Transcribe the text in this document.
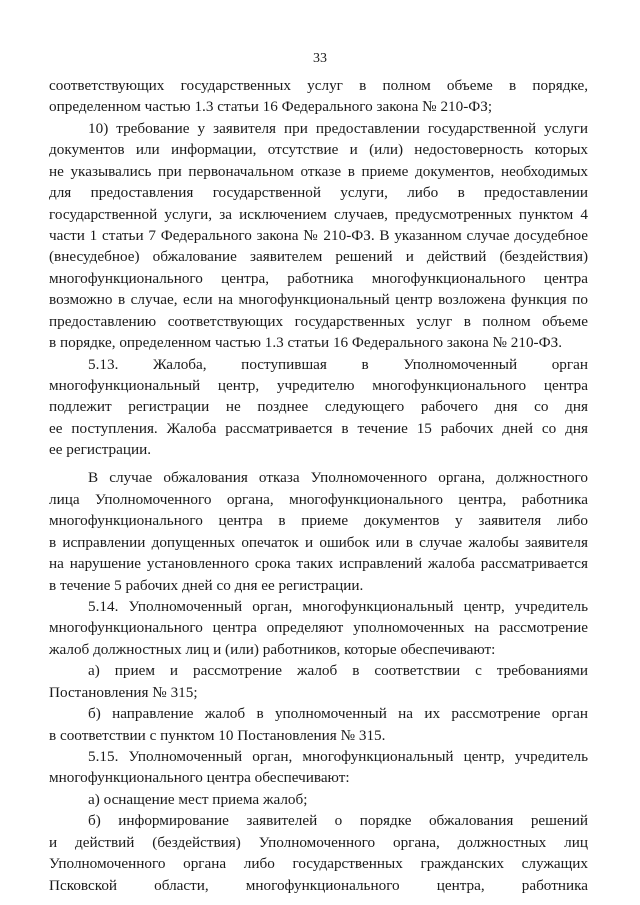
33
соответствующих государственных услуг в полном объеме в порядке,
определенном частью 1.3 статьи 16 Федерального закона № 210-ФЗ;
10) требование у заявителя при предоставлении государственной услуги
документов или информации, отсутствие и (или) недостоверность которых
не указывались при первоначальном отказе в приеме документов, необходимых
для предоставления государственной услуги, либо в предоставлении
государственной услуги, за исключением случаев, предусмотренных пунктом 4
части 1 статьи 7 Федерального закона № 210-ФЗ. В указанном случае досудебное
(внесудебное) обжалование заявителем решений и действий (бездействия)
многофункционального центра, работника многофункционального центра
возможно в случае, если на многофункциональный центр возложена функция по
предоставлению соответствующих государственных услуг в полном объеме
в порядке, определенном частью 1.3 статьи 16 Федерального закона № 210-ФЗ.
5.13. Жалоба, поступившая в Уполномоченный орган
многофункциональный центр, учредителю многофункционального центра
подлежит регистрации не позднее следующего рабочего дня со дня
ее поступления. Жалоба рассматривается в течение 15 рабочих дней со дня
ее регистрации.
В случае обжалования отказа Уполномоченного органа, должностного
лица Уполномоченного органа, многофункционального центра, работника
многофункционального центра в приеме документов у заявителя либо
в исправлении допущенных опечаток и ошибок или в случае жалобы заявителя
на нарушение установленного срока таких исправлений жалоба рассматривается
в течение 5 рабочих дней со дня ее регистрации.
5.14. Уполномоченный орган, многофункциональный центр, учредитель
многофункционального центра определяют уполномоченных на рассмотрение
жалоб должностных лиц и (или) работников, которые обеспечивают:
а) прием и рассмотрение жалоб в соответствии с требованиями
Постановления № 315;
б) направление жалоб в уполномоченный на их рассмотрение орган
в соответствии с пунктом 10 Постановления № 315.
5.15. Уполномоченный орган, многофункциональный центр, учредитель
многофункционального центра обеспечивают:
а) оснащение мест приема жалоб;
б) информирование заявителей о порядке обжалования решений
и действий (бездействия) Уполномоченного органа, должностных лиц
Уполномоченного органа либо государственных гражданских служащих
Псковской области, многофункционального центра, работника
